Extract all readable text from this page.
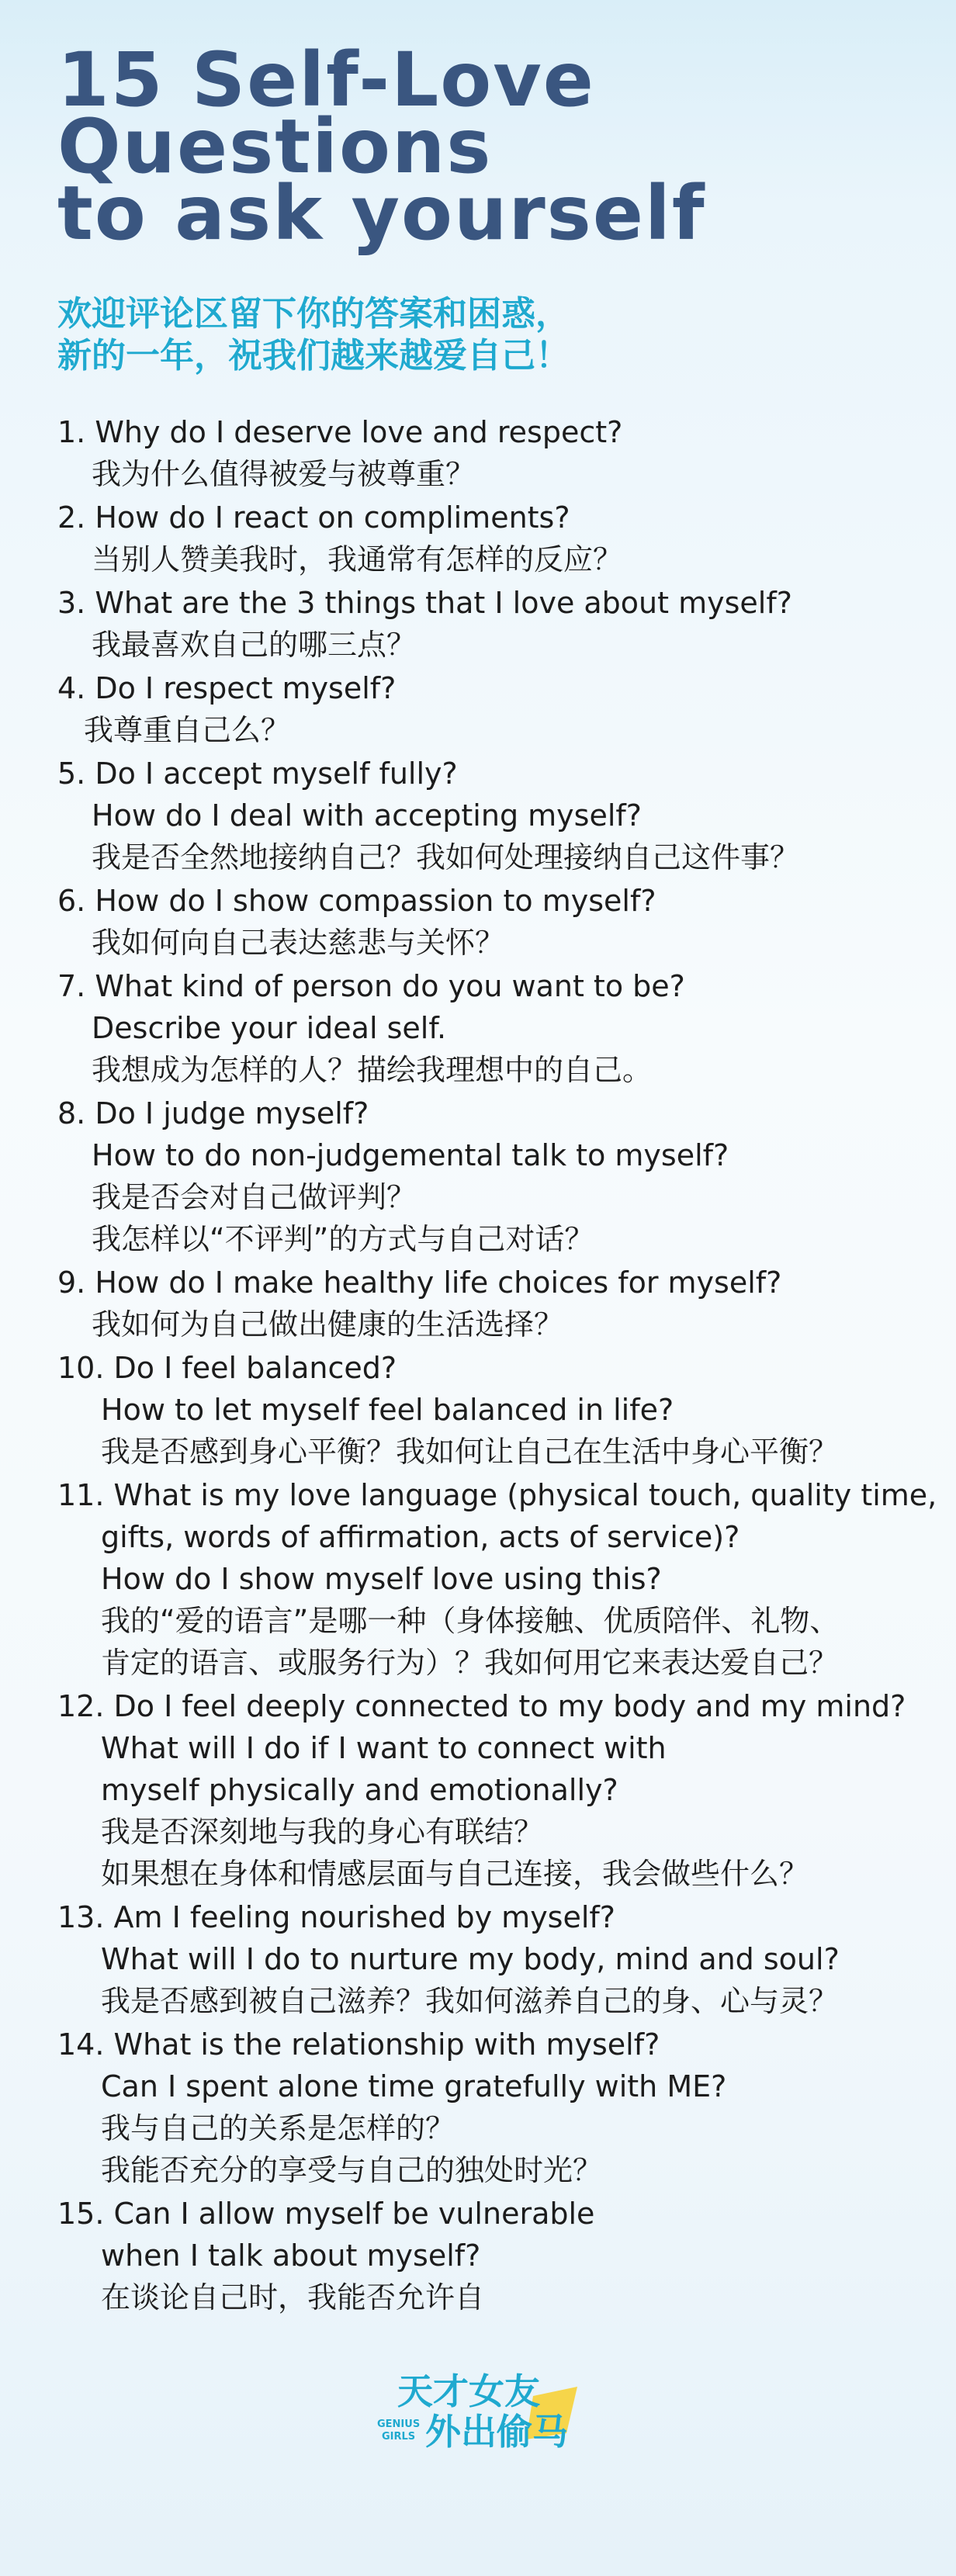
15 Self-Love
Questions
to ask yourself
欢迎评论区留下你的答案和困惑，
新的一年，祝我们越来越爱自己！
1. Why do I deserve love and respect?
我为什么值得被爱与被尊重？
2. How do I react on compliments?
当别人赞美我时，我通常有怎样的反应？
3. What are the 3 things that I love about myself?
我最喜欢自己的哪三点？
4. Do I respect myself?
我尊重自己么？
5. Do I accept myself fully?
How do I deal with accepting myself?
我是否全然地接纳自己？我如何处理接纳自己这件事？
6. How do I show compassion to myself?
我如何向自己表达慈悲与关怀？
7. What kind of person do you want to be?
Describe your ideal self.
我想成为怎样的人？描绘我理想中的自己。
8. Do I judge myself?
How to do non-judgemental talk to myself?
我是否会对自己做评判？
我怎样以“不评判”的方式与自己对话？
9. How do I make healthy life choices for myself?
我如何为自己做出健康的生活选择？
10. Do I feel balanced?
How to let myself feel balanced in life?
我是否感到身心平衡？我如何让自己在生活中身心平衡？
11. What is my love language (physical touch, quality time,
gifts, words of affirmation, acts of service)?
How do I show myself love using this?
我的“爱的语言”是哪一种（身体接触、优质陪伴、礼物、
肯定的语言、或服务行为）？我如何用它来表达爱自己？
12. Do I feel deeply connected to my body and my mind?
What will I do if I want to connect with
myself physically and emotionally?
我是否深刻地与我的身心有联结？
如果想在身体和情感层面与自己连接，我会做些什么？
13. Am I feeling nourished by myself?
What will I do to nurture my body, mind and soul?
我是否感到被自己滋养？我如何滋养自己的身、心与灵？
14. What is the relationship with myself?
Can I spent alone time gratefully with ME?
我与自己的关系是怎样的？
我能否充分的享受与自己的独处时光？
15. Can I allow myself be vulnerable
when I talk about myself?
在谈论自己时，我能否允许自
天才女友
外出偷马
GENIUS
GIRLS
